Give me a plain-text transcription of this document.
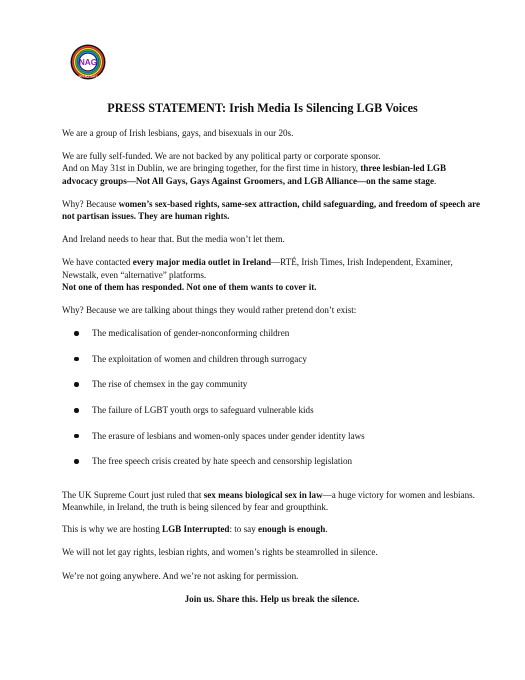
NAG
NOT ALL GAYS
PRESS STATEMENT: Irish Media Is Silencing LGB Voices

We are a group of Irish lesbians, gays, and bisexuals in our 20s.

We are fully self-funded. We are not backed by any political party or corporate sponsor.
And on May 31st in Dublin, we are bringing together, for the first time in history, three lesbian-led LGB advocacy groups—Not All Gays, Gays Against Groomers, and LGB Alliance—on the same stage.

Why? Because women’s sex-based rights, same-sex attraction, child safeguarding, and freedom of speech are not partisan issues. They are human rights.

And Ireland needs to hear that. But the media won’t let them.

We have contacted every major media outlet in Ireland—RTÉ, Irish Times, Irish Independent, Examiner, Newstalk, even “alternative” platforms.
Not one of them has responded. Not one of them wants to cover it.

Why? Because we are talking about things they would rather pretend don’t exist:

The medicalisation of gender-nonconforming children
The exploitation of women and children through surrogacy
The rise of chemsex in the gay community
The failure of LGBT youth orgs to safeguard vulnerable kids
The erasure of lesbians and women-only spaces under gender identity laws
The free speech crisis created by hate speech and censorship legislation

The UK Supreme Court just ruled that sex means biological sex in law—a huge victory for women and lesbians. Meanwhile, in Ireland, the truth is being silenced by fear and groupthink.

This is why we are hosting LGB Interrupted: to say enough is enough.

We will not let gay rights, lesbian rights, and women’s rights be steamrolled in silence.

We’re not going anywhere. And we’re not asking for permission.

Join us. Share this. Help us break the silence.
